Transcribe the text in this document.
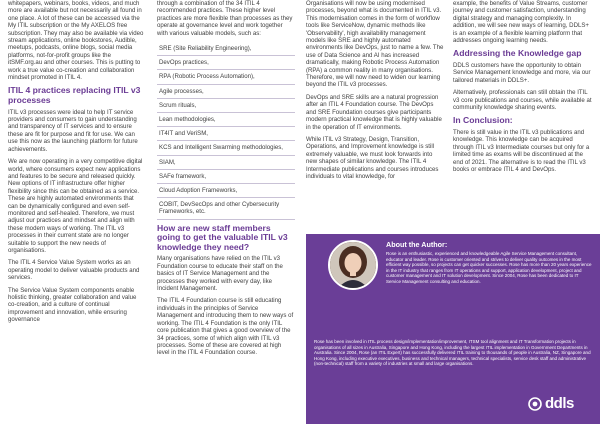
whitepapers, webinars, books, videos, and much more are available but not necessarily all found in one place. A lot of these can be accessed via the My ITIL subscription or the My AXELOS free subscription. They may also be available via video stream applications, online bookstores, Audible, meetups, podcasts, online blogs, social media platforms, not-for-profit groups like the itSMF.org.au and other courses. This is putting to work a true value co-creation and collaboration mindset promoted in ITIL 4.

ITIL 4 practices replacing ITIL v3 processes

ITIL v3 processes were ideal to help IT service providers and consumers to gain understanding and transparency of IT services and to ensure these are fit for purpose and fit for use. We can use this now as the launching platform for future achievements.

We are now operating in a very competitive digital world, where consumers expect new applications and features to be secure and released quickly. New options of IT infrastructure offer higher flexibility since this can be obtained as a service. These are highly automated environments that can be dynamically configured and even self-monitored and self-healed. Therefore, we must adjust our practices and mindset and align with these modern ways of working. The ITIL v3 processes in their current state are no longer suitable to support the new needs of organisations.

The ITIL 4 Service Value System works as an operating model to deliver valuable products and services.

The Service Value System components enable holistic thinking, greater collaboration and value co-creation, and a culture of continual improvement and innovation, while ensuring governance

through a combination of the 34 ITIL 4 recommended practices. These higher level practices are more flexible than processes as they operate at governance level and work together with various valuable models, such as:

SRE (Site Reliability Engineering),
DevOps practices,
RPA (Robotic Process Automation),
Agile processes,
Scrum rituals,
Lean methodologies,
IT4IT and VeriSM,
KCS and Intelligent Swarming methodologies,
SIAM,
SAFe framework,
Cloud Adoption Frameworks,
COBIT, DevSecOps and other Cybersecurity Frameworks, etc.
How are new staff members going to get the valuable ITIL v3 knowledge they need?

Many organisations have relied on the ITIL v3 Foundation course to educate their staff on the basics of IT Service Management and the processes they worked with every day, like Incident Management.

The ITIL 4 Foundation course is still educating individuals in the principles of Service Management and introducing them to new ways of working. The ITIL 4 Foundation is the only ITIL core publication that gives a good overview of the 34 practices, some of which align with ITIL v3 processes. Some of these are covered at high level in the ITIL 4 Foundation course.

Organisations will now be using modernised processes, beyond what is documented in ITIL v3. This modernisation comes in the form of workflow tools like ServiceNow, dynamic methods like 'Observability', high availability management models like SRE and highly automated environments like DevOps, just to name a few. The use of Data Science and AI has increased dramatically, making Robotic Process Automation (RPA) a common reality in many organisations. Therefore, we will now need to widen our learning beyond the ITIL v3 processes.

DevOps and SRE skills are a natural progression after an ITIL 4 Foundation course. The DevOps and SRE Foundation courses give participants modern practical knowledge that is highly valuable in the operation of IT environments.

While ITIL v3 Strategy, Design, Transition, Operations, and Improvement knowledge is still extremely valuable, we must look forwards into new shapes of similar knowledge. The ITIL 4 Intermediate publications and courses introduces individuals to vital knowledge, for

example, the benefits of Value Streams, customer journey and customer satisfaction, understanding digital strategy and managing complexity. In addition, we will see new ways of learning, DDLS+ is an example of a flexible learning platform that addresses ongoing learning needs.

Addressing the Knowledge gap

DDLS customers have the opportunity to obtain Service Management knowledge and more, via our tailored materials in DDLS+.

Alternatively, professionals can still obtain the ITIL v3 core publications and courses, while available at community knowledge sharing events.

In Conclusion:

There is still value in the ITIL v3 publications and knowledge. This knowledge can be acquired through ITIL v3 Intermediate courses but only for a limited time as exams will be discontinued at the end of 2021. The alternative is to read the ITIL v3 books or embrace ITIL 4 and DevOps.

About the Author:

Rose is an enthusiastic, experienced and knowledgeable Agile Service Management consultant, educator and leader. Rose is customer oriented and strives to deliver quality outcomes in the most efficient way possible, so projects can get quicker successes. Rose has more than 20 years experience in the IT industry that ranges from IT operations and support, application development, project and customer management and IT solution development. Since 2004, Rose has been dedicated to IT Service Management consulting and education.

Rose has been involved in ITIL process design/implementation/improvement, ITSM tool alignment and IT Transformation projects in organisations of all sizes in Australia, Singapore and Hong Kong, including the largest ITIL implementation in Government Departments in Australia. Since 2004, Rose (an ITIL Expert) has successfully delivered ITIL training to thousands of people in Australia, NZ, Singapore and Hong Kong, including executive executives, business and technical managers, technical specialists, service desk staff and administrative (non-technical) staff from a variety of industries at small and large organisations.

ddls
